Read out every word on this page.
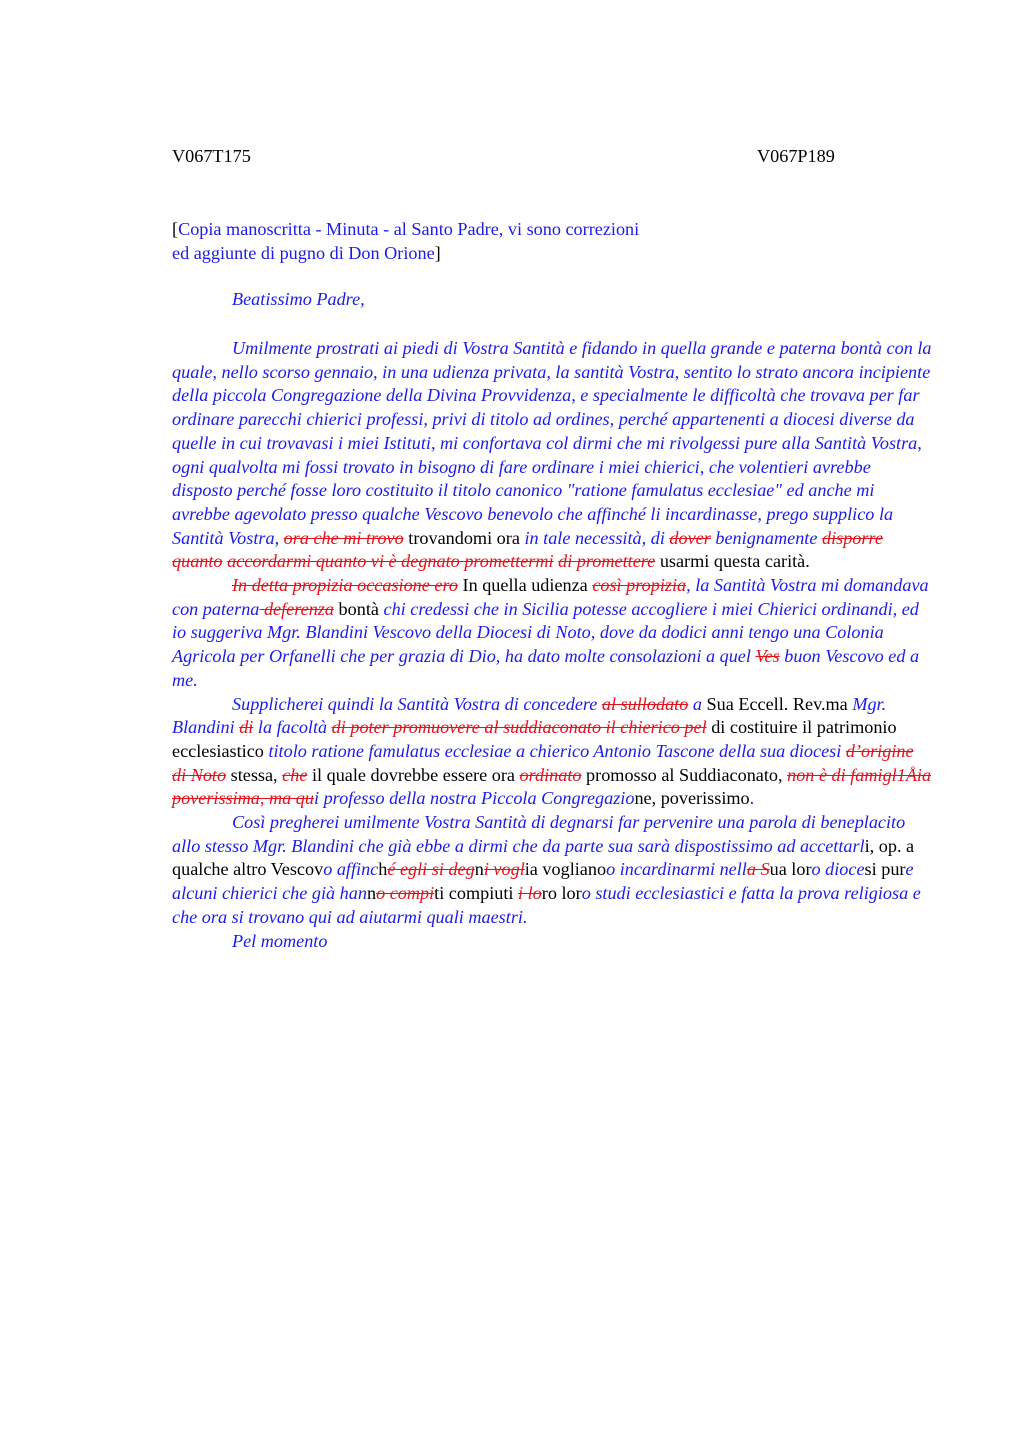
V067T175	V067P189
[Copia manoscritta - Minuta - al Santo Padre, vi sono correzioni ed aggiunte di pugno di Don Orione]
Beatissimo Padre,

Umilmente prostrati ai piedi di Vostra Santità e fidando in quella grande e paterna bontà con la quale, nello scorso gennaio, in una udienza privata, la santità Vostra, sentito lo strato ancora incipiente della piccola Congregazione della Divina Provvidenza, e specialmente le difficoltà che trovava per far ordinare parecchi chierici professi, privi di titolo ad ordines, perché appartenenti a diocesi diverse da quelle in cui trovavasi i miei Istituti, mi confortava col dirmi che mi rivolgessi pure alla Santità Vostra, ogni qualvolta mi fossi trovato in bisogno di fare ordinare i miei chierici, che volentieri avrebbe disposto perché fosse loro costituito il titolo canonico "ratione famulatus ecclesiae" ed anche mi avrebbe agevolato presso qualche Vescovo benevolo che affinché li incardinasse, prego supplico la Santità Vostra, ora che mi trovo trovandomi ora in tale necessità, di dover benignamente disporre quanto accordarmi quanto vi è degnato promettermi di promettere usarmi questa carità.

In detta propizia occasione ero In quella udienza così propizia, la Santità Vostra mi domandava con paterna deferenza bontà chi credessi che in Sicilia potesse accogliere i miei Chierici ordinandi, ed io suggeriva Mgr. Blandini Vescovo della Diocesi di Noto, dove da dodici anni tengo una Colonia Agricola per Orfanelli che per grazia di Dio, ha dato molte consolazioni a quel Ves buon Vescovo ed a me.

Supplicherei quindi la Santità Vostra di concedere al sullodato a Sua Eccell. Rev.ma Mgr. Blandini di la facoltà di poter promuovere al suddiaconato il chierico pel di costituire il patrimonio ecclesiastico titolo ratione famulatus ecclesiae a chierico Antonio Tascone della sua diocesi d’origine di Noto stessa, che il quale dovrebbe essere ora ordinato promosso al Suddiaconato, non è di famigl1Åia poverissima, ma qui professo della nostra Piccola Congregazione, poverissimo.

Così pregherei umilmente Vostra Santità di degnarsi far pervenire una parola di beneplacito allo stesso Mgr. Blandini che già ebbe a dirmi che da parte sua sarà dispostissimo ad accettarli, op. a qualche altro Vescovo affinché egli si degni voglia voglianoo incardinarmi nella Sua loro diocesi pure alcuni chierici che già hanno compiti compiuti i loro loro studi ecclesiastici e fatta la prova religiosa e che ora si trovano qui ad aiutarmi quali maestri.

Pel momento
